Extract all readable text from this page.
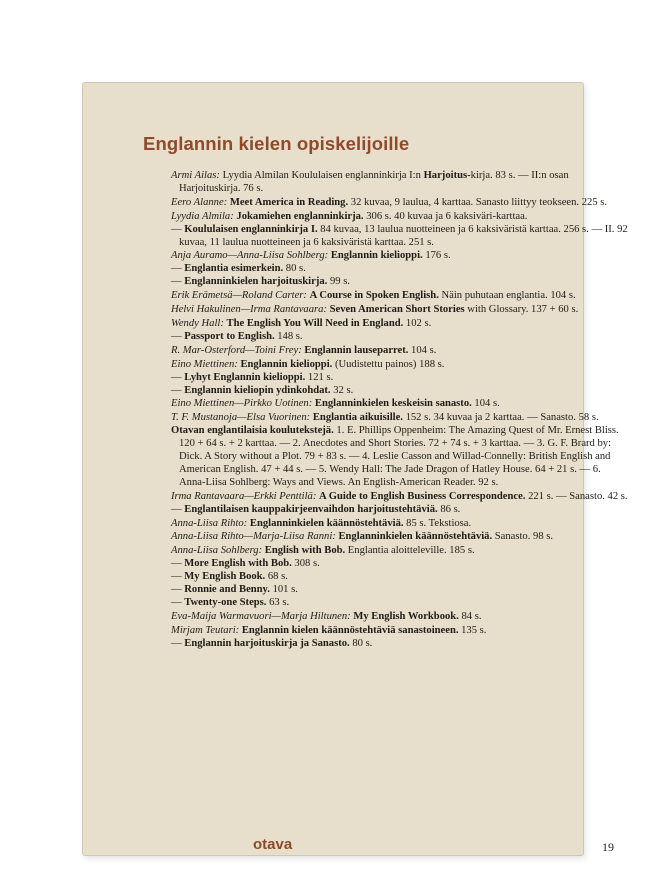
Englannin kielen opiskelijoille
Armi Ailas: Lyydia Almilan Koululaisen englanninkirja I:n Harjoitus-kirja. 83 s. — II:n osan Harjoituskirja. 76 s.
Eero Alanne: Meet America in Reading. 32 kuvaa, 9 laulua, 4 karttaa. Sanasto liittyy teokseen. 225 s.
Lyydia Almila: Jokamiehen englanninkirja. 306 s. 40 kuvaa ja 6 kaksiväri-karttaa.
— Koululaisen englanninkirja I. 84 kuvaa, 13 laulua nuotteineen ja 6 kaksiväristä karttaa. 256 s. — II. 92 kuvaa, 11 laulua nuotteineen ja 6 kaksiväristä karttaa. 251 s.
Anja Auramo—Anna-Liisa Sohlberg: Englannin kielioppi. 176 s.
— Englantia esimerkein. 80 s.
— Englanninkielen harjoituskirja. 99 s.
Erik Erämetsä—Roland Carter: A Course in Spoken English. Näin puhutaan englantia. 104 s.
Helvi Hakulinen—Irma Rantavaara: Seven American Short Stories with Glossary. 137 + 60 s.
Wendy Hall: The English You Will Need in England. 102 s.
— Passport to English. 148 s.
R. Mar-Osterford—Toini Frey: Englannin lauseparret. 104 s.
Eino Miettinen: Englannin kielioppi. (Uudistettu painos) 188 s.
— Lyhyt Englannin kielioppi. 121 s.
— Englannin kieliopin ydinkohdat. 32 s.
Eino Miettinen—Pirkko Uotinen: Englanninkielen keskeisin sanasto. 104 s.
T. F. Mustanoja—Elsa Vuorinen: Englantia aikuisille. 152 s. 34 kuvaa ja 2 karttaa. — Sanasto. 58 s.
Otavan englantilaisia koulutekstejä. 1. E. Phillips Oppenheim: The Amazing Quest of Mr. Ernest Bliss. 120 + 64 s. + 2 karttaa. — 2. Anecdotes and Short Stories. 72 + 74 s. + 3 karttaa. — 3. G. F. Brard by: Dick. A Story without a Plot. 79 + 83 s. — 4. Leslie Casson and Willad-Connelly: British English and American English. 47 + 44 s. — 5. Wendy Hall: The Jade Dragon of Hatley House. 64 + 21 s. — 6. Anna-Liisa Sohlberg: Ways and Views. An English-American Reader. 92 s.
Irma Rantavaara—Erkki Penttilä: A Guide to English Business Correspondence. 221 s. — Sanasto. 42 s.
— Englantilaisen kauppakirjeenvaihdon harjoitustehtäviä. 86 s.
Anna-Liisa Rihto: Englanninkielen käännöstehtäviä. 85 s. Tekstiosa.
Anna-Liisa Rihto—Marja-Liisa Ranni: Englanninkielen käännöstehtäviä. Sanasto. 98 s.
Anna-Liisa Sohlberg: English with Bob. Englantia aloitteleville. 185 s.
— More English with Bob. 308 s.
— My English Book. 68 s.
— Ronnie and Benny. 101 s.
— Twenty-one Steps. 63 s.
Eva-Maija Warmavuori—Marja Hiltunen: My English Workbook. 84 s.
Mirjam Teutari: Englannin kielen käännöstehtäviä sanastoineen. 135 s.
— Englannin harjoituskirja ja Sanasto. 80 s.
otava	19
